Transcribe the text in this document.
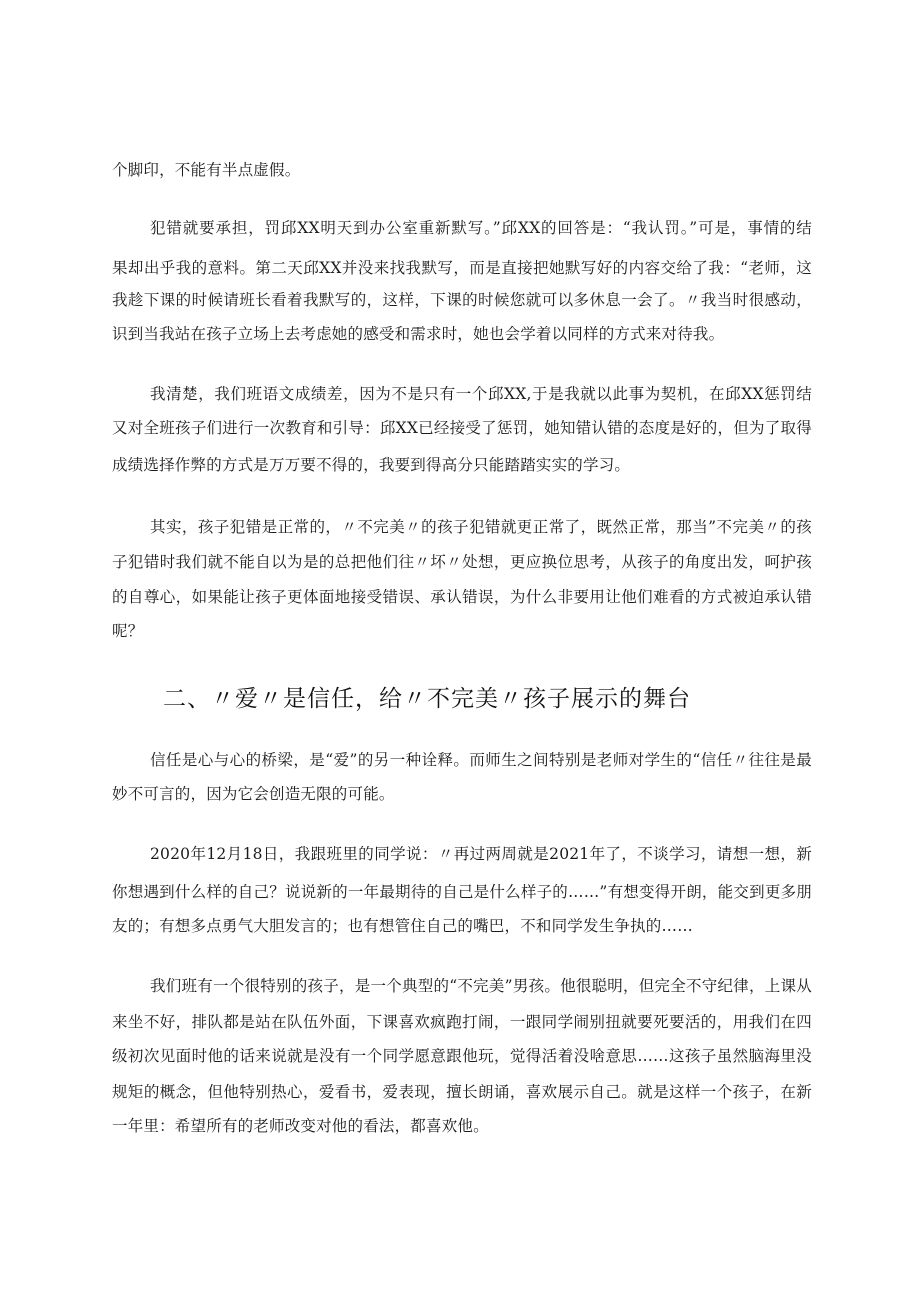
个脚印，不能有半点虚假。
犯错就要承担，罚邱XX明天到办公室重新默写。”邱XX的回答是：“我认罚。”可是，事情的结
果却出乎我的意料。第二天邱XX并没来找我默写，而是直接把她默写好的内容交给了我：“老师，这
我趁下课的时候请班长看着我默写的，这样，下课的时候您就可以多休息一会了。〃我当时很感动，
识到当我站在孩子立场上去考虑她的感受和需求时，她也会学着以同样的方式来对待我。
我清楚，我们班语文成绩差，因为不是只有一个邱XX,于是我就以此事为契机，在邱XX惩罚结
又对全班孩子们进行一次教育和引导：邱XX已经接受了惩罚，她知错认错的态度是好的，但为了取得
成绩选择作弊的方式是万万要不得的，我要到得高分只能踏踏实实的学习。
其实，孩子犯错是正常的，〃不完美〃的孩子犯错就更正常了，既然正常，那当”不完美〃的孩
子犯错时我们就不能自以为是的总把他们往〃坏〃处想，更应换位思考，从孩子的角度出发，呵护孩
的自尊心，如果能让孩子更体面地接受错误、承认错误，为什么非要用让他们难看的方式被迫承认错
呢？
二、〃爱〃是信任，给〃不完美〃孩子展示的舞台
信任是心与心的桥梁，是“爱”的另一种诠释。而师生之间特别是老师对学生的“信任〃往往是最
妙不可言的，因为它会创造无限的可能。
2020年12月18日，我跟班里的同学说：〃再过两周就是2021年了，不谈学习，请想一想，新
你想遇到什么样的自己？说说新的一年最期待的自己是什么样子的……”有想变得开朗，能交到更多朋
友的；有想多点勇气大胆发言的；也有想管住自己的嘴巴，不和同学发生争执的……
我们班有一个很特别的孩子，是一个典型的“不完美”男孩。他很聪明，但完全不守纪律，上课从
来坐不好，排队都是站在队伍外面，下课喜欢疯跑打闹，一跟同学闹别扭就要死要活的，用我们在四
级初次见面时他的话来说就是没有一个同学愿意跟他玩，觉得活着没啥意思……这孩子虽然脑海里没
规矩的概念，但他特别热心，爱看书，爱表现，擅长朗诵，喜欢展示自己。就是这样一个孩子，在新
一年里：希望所有的老师改变对他的看法，都喜欢他。
